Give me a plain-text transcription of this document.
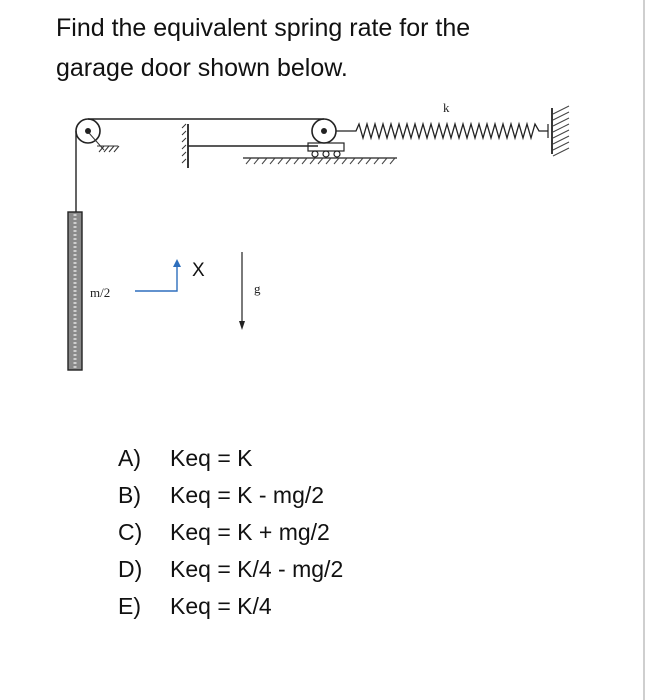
Find the equivalent spring rate for the
garage door shown below.

k
m/2
X
g
A) Keq = K
B) Keq = K - mg/2
C) Keq = K + mg/2
D) Keq = K/4 - mg/2
E) Keq = K/4
